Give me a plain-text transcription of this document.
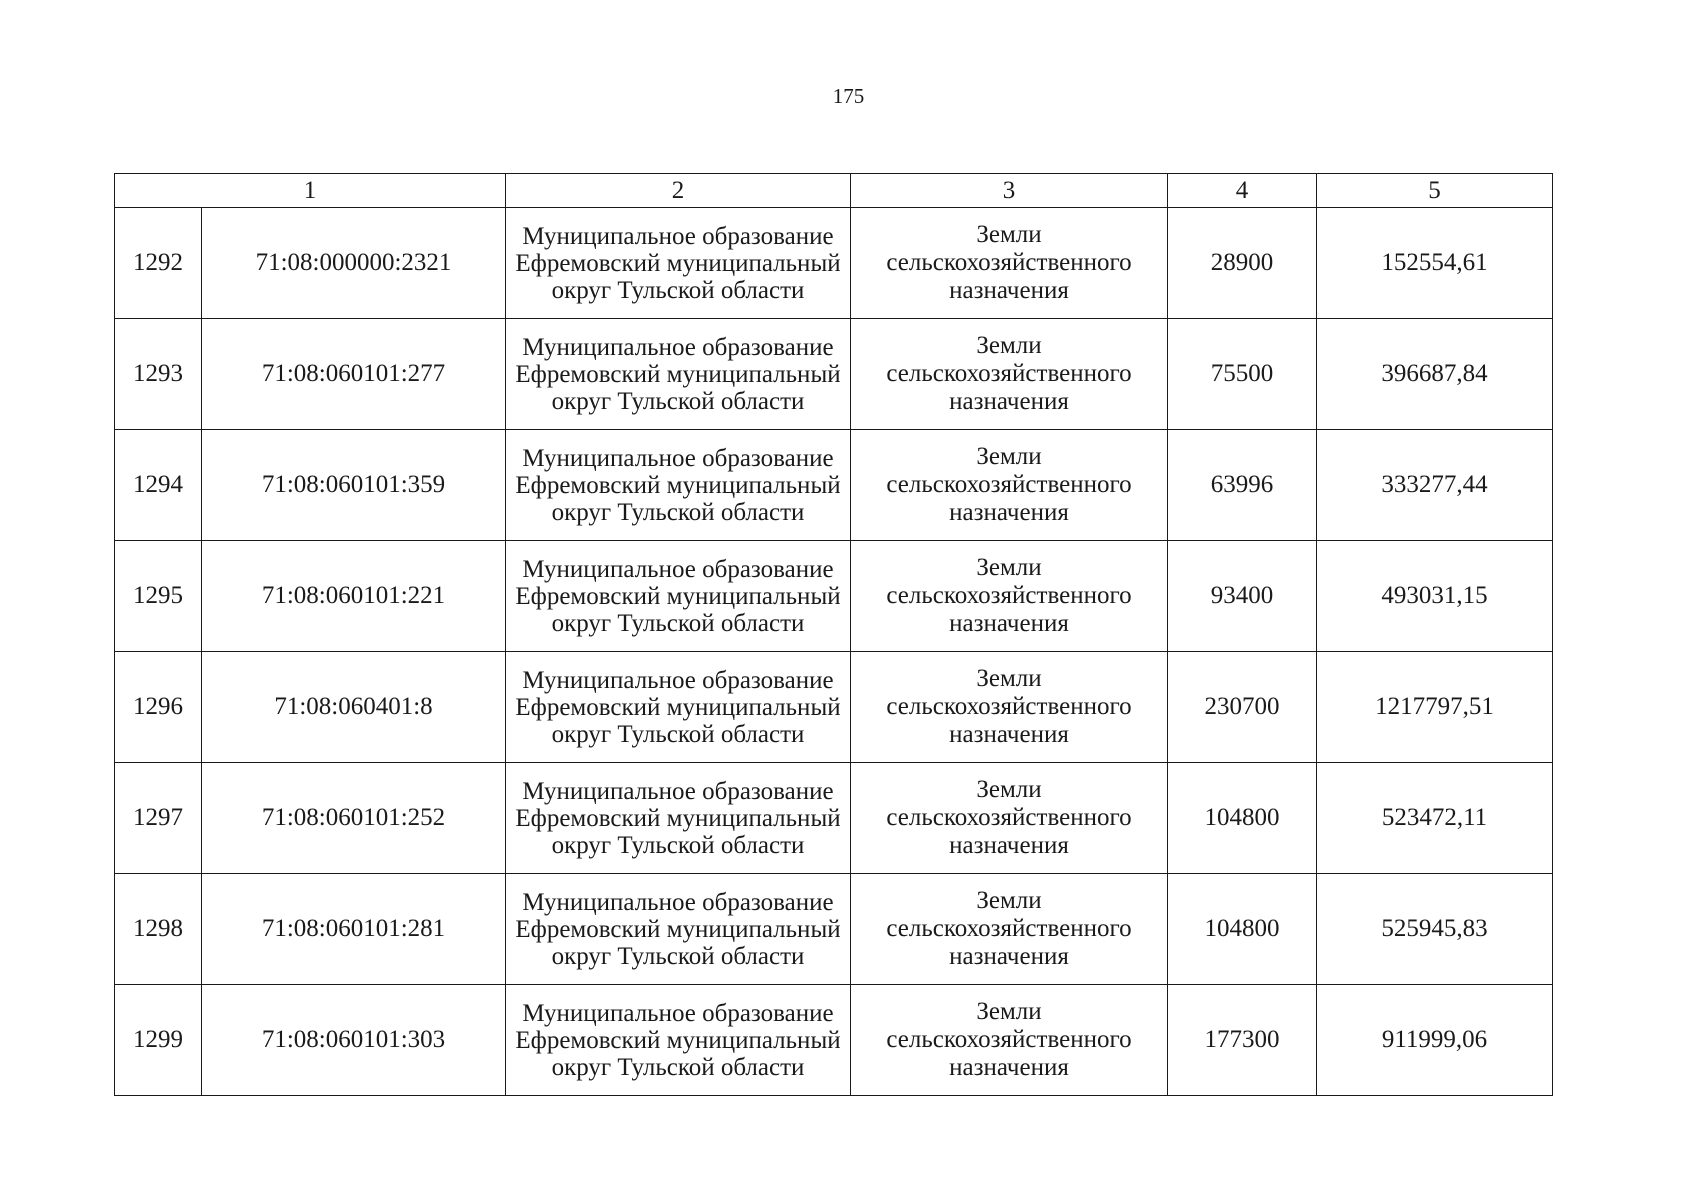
175
1		2	3	4	5
1292	71:08:000000:2321	Муниципальное образование Ефремовский муниципальный округ Тульской области	Земли сельскохозяйственного назначения	28900	152554,61
1293	71:08:060101:277	Муниципальное образование Ефремовский муниципальный округ Тульской области	Земли сельскохозяйственного назначения	75500	396687,84
1294	71:08:060101:359	Муниципальное образование Ефремовский муниципальный округ Тульской области	Земли сельскохозяйственного назначения	63996	333277,44
1295	71:08:060101:221	Муниципальное образование Ефремовский муниципальный округ Тульской области	Земли сельскохозяйственного назначения	93400	493031,15
1296	71:08:060401:8	Муниципальное образование Ефремовский муниципальный округ Тульской области	Земли сельскохозяйственного назначения	230700	1217797,51
1297	71:08:060101:252	Муниципальное образование Ефремовский муниципальный округ Тульской области	Земли сельскохозяйственного назначения	104800	523472,11
1298	71:08:060101:281	Муниципальное образование Ефремовский муниципальный округ Тульской области	Земли сельскохозяйственного назначения	104800	525945,83
1299	71:08:060101:303	Муниципальное образование Ефремовский муниципальный округ Тульской области	Земли сельскохозяйственного назначения	177300	911999,06
